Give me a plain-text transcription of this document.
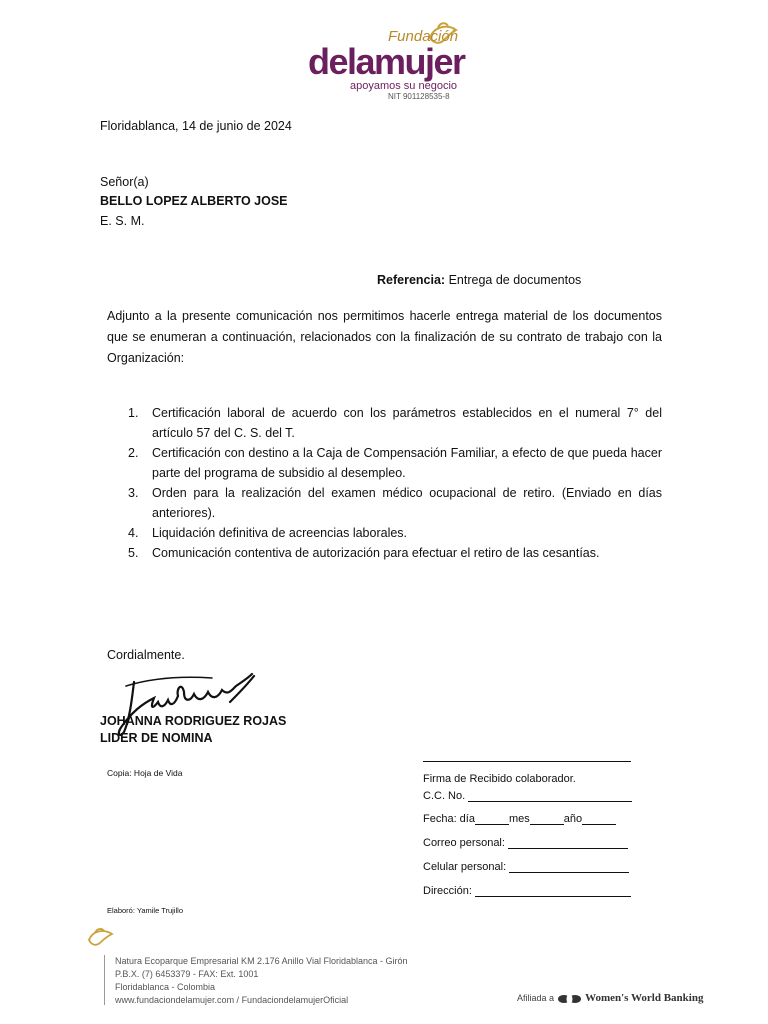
Fundación
delamujer
apoyamos su negocio
NIT 901128535-8
Floridablanca, 14 de junio de 2024
Señor(a)
BELLO LOPEZ ALBERTO JOSE
E. S. M.
Referencia: Entrega de documentos
Adjunto a la presente comunicación nos permitimos hacerle entrega material de los documentos que se enumeran a continuación, relacionados con la finalización de su contrato de trabajo con la Organización:
1. Certificación laboral de acuerdo con los parámetros establecidos en el numeral 7° del artículo 57 del C. S. del T.
2. Certificación con destino a la Caja de Compensación Familiar, a efecto de que pueda hacer parte del programa de subsidio al desempleo.
3. Orden para la realización del examen médico ocupacional de retiro. (Enviado en días anteriores).
4. Liquidación definitiva de acreencias laborales.
5. Comunicación contentiva de autorización para efectuar el retiro de las cesantías.
Cordialmente.
JOHANNA RODRIGUEZ ROJAS
LIDER DE NOMINA
Copia: Hoja de Vida	Firma de Recibido colaborador.
C.C. No.
Fecha: día	mes	año
Correo personal:
Celular personal:
Dirección:
Elaboró: Yamile Trujillo
Natura Ecoparque Empresarial KM 2.176 Anillo Vial Floridablanca - Girón
P.B.X. (7) 6453379 - FAX: Ext. 1001
Floridablanca - Colombia
www.fundaciondelamujer.com / FundaciondelamujerOficial	Afiliada a	Women's World Banking
